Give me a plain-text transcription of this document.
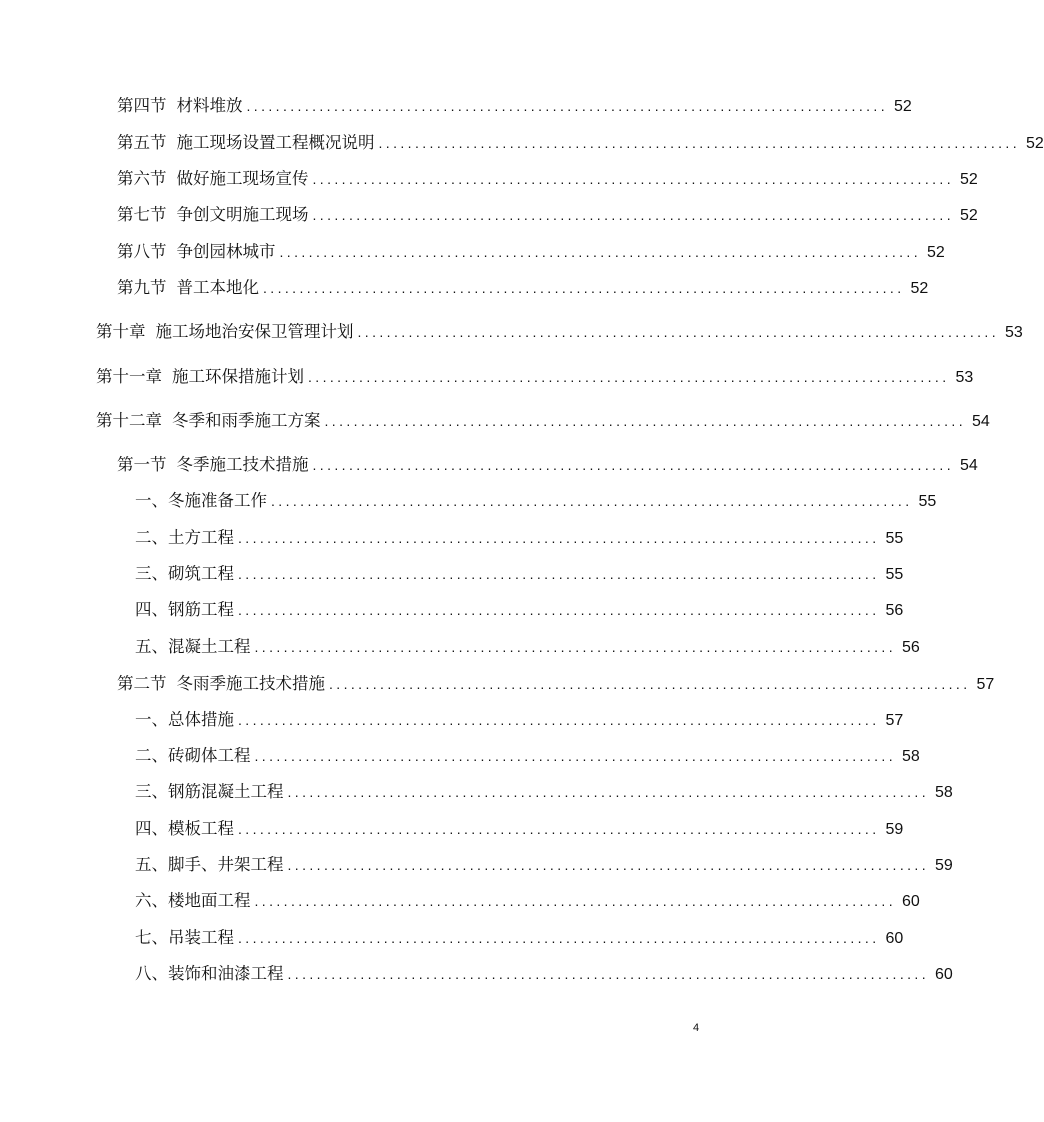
第四节 材料堆放 ........................................................................................ 52
第五节 施工现场设置工程概况说明 ........................................................................................ 52
第六节 做好施工现场宣传 ........................................................................................ 52
第七节 争创文明施工现场 ........................................................................................ 52
第八节 争创园林城市 ........................................................................................ 52
第九节 普工本地化 ........................................................................................ 52
第十章 施工场地治安保卫管理计划 ........................................................................................ 53
第十一章 施工环保措施计划 ........................................................................................ 53
第十二章 冬季和雨季施工方案 ........................................................................................ 54
第一节 冬季施工技术措施 ........................................................................................ 54
一、 冬施准备工作 ........................................................................................ 55
二、 土方工程 ........................................................................................ 55
三、 砌筑工程 ........................................................................................ 55
四、 钢筋工程 ........................................................................................ 56
五、 混凝土工程 ........................................................................................ 56
第二节 冬雨季施工技术措施 ........................................................................................ 57
一、 总体措施 ........................................................................................ 57
二、 砖砌体工程 ........................................................................................ 58
三、 钢筋混凝土工程 ........................................................................................ 58
四、 模板工程 ........................................................................................ 59
五、 脚手、井架工程 ........................................................................................ 59
六、 楼地面工程 ........................................................................................ 60
七、 吊装工程 ........................................................................................ 60
八、 装饰和油漆工程 ........................................................................................ 60
4
